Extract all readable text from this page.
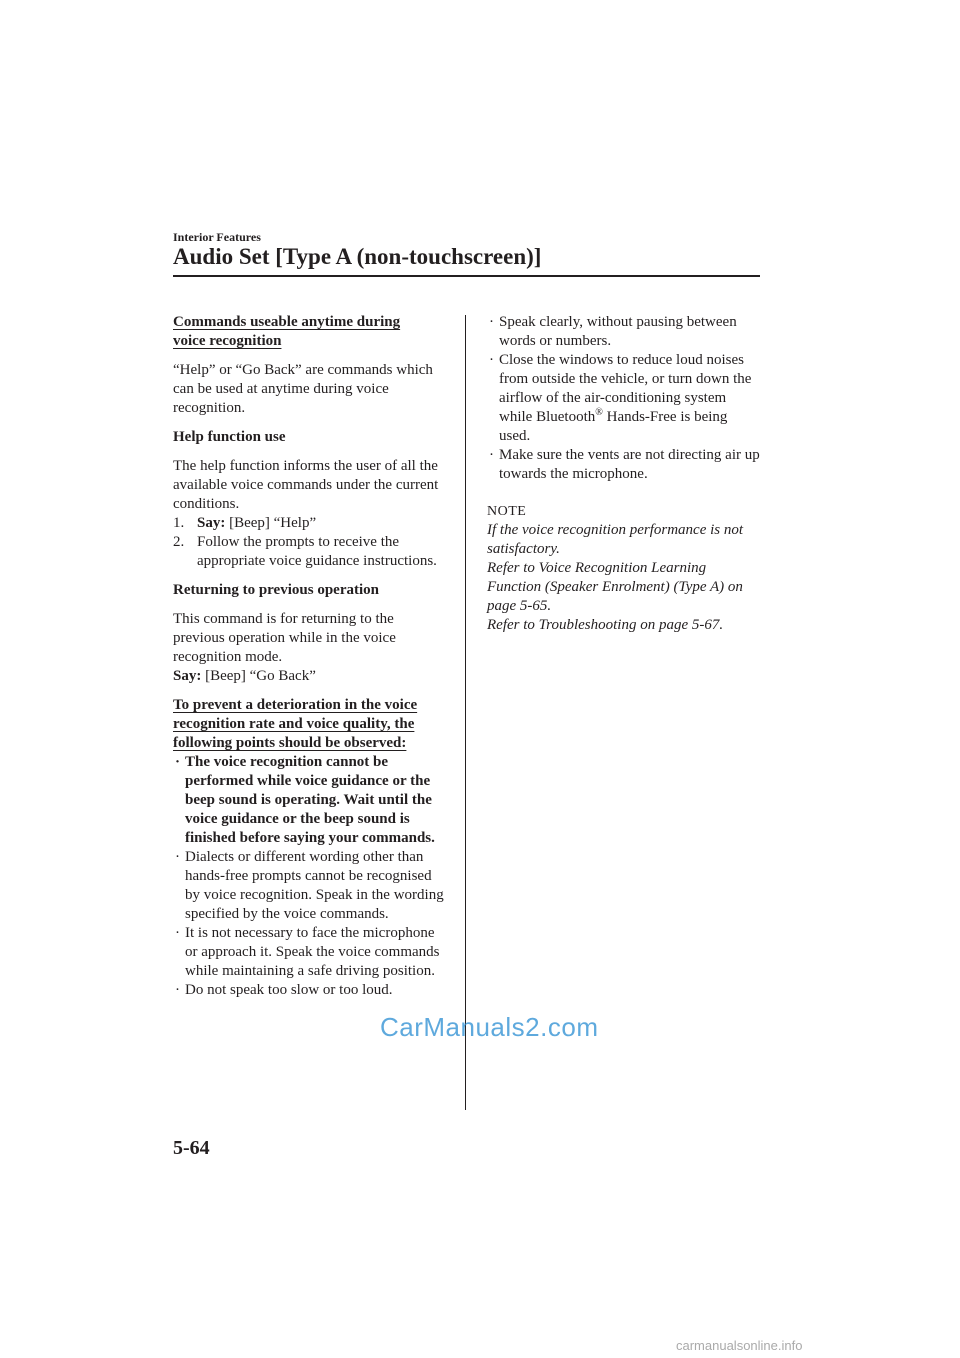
Interior Features
Audio Set [Type A (non-touchscreen)]
Commands useable anytime during
voice recognition

“Help” or “Go Back” are commands which can be used at anytime during voice recognition.

Help function use

The help function informs the user of all the available voice commands under the current conditions.

1. Say: [Beep] “Help”
2. Follow the prompts to receive the appropriate voice guidance instructions.

Returning to previous operation

This command is for returning to the previous operation while in the voice recognition mode.

Say: [Beep] “Go Back”

To prevent a deterioration in the voice
recognition rate and voice quality, the
following points should be observed:
· The voice recognition cannot be performed while voice guidance or the beep sound is operating. Wait until the voice guidance or the beep sound is finished before saying your commands.
· Dialects or different wording other than hands-free prompts cannot be recognised by voice recognition. Speak in the wording specified by the voice commands.
· It is not necessary to face the microphone or approach it. Speak the voice commands while maintaining a safe driving position.
· Do not speak too slow or too loud.
· Speak clearly, without pausing between words or numbers.
· Close the windows to reduce loud noises from outside the vehicle, or turn down the airflow of the air-conditioning system while Bluetooth® Hands-Free is being used.
· Make sure the vents are not directing air up towards the microphone.
NOTE
If the voice recognition performance is not satisfactory.
Refer to Voice Recognition Learning Function (Speaker Enrolment) (Type A) on page 5-65.
Refer to Troubleshooting on page 5-67.
5-64
CarManuals2.com
carmanualsonline.info
